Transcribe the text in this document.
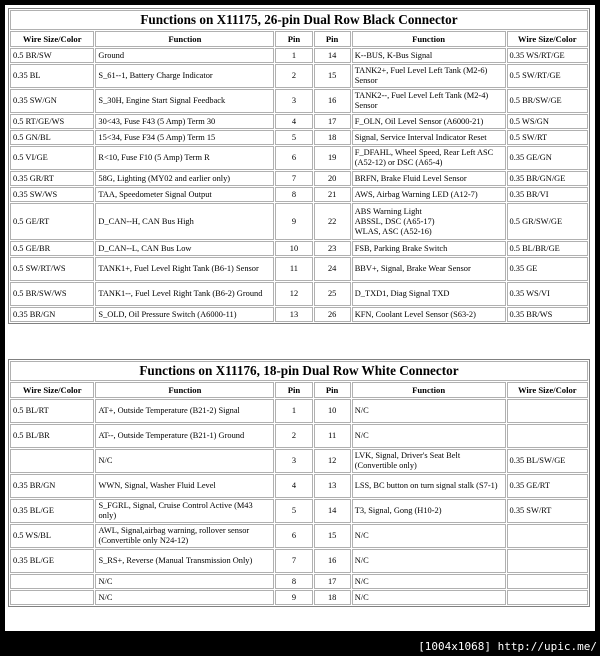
Functions on X11175, 26-pin Dual Row Black Connector					
Wire Size/Color	Function	Pin	Pin	Function	Wire Size/Color
0.5 BR/SW	Ground	1	14	K--BUS, K-Bus Signal	0.35 WS/RT/GE
0.35 BL	S_61--1, Battery Charge Indicator	2	15	TANK2+, Fuel Level Left Tank (M2-6) Sensor	0.5 SW/RT/GE
0.35 SW/GN	S_30H, Engine Start Signal Feedback	3	16	TANK2--, Fuel Level Left Tank (M2-4) Sensor	0.5 BR/SW/GE
0.5 RT/GE/WS	30<43, Fuse F43 (5 Amp) Term 30	4	17	F_OLN, Oil Level Sensor (A6000-21)	0.5 WS/GN
0.5 GN/BL	15<34, Fuse F34 (5 Amp) Term 15	5	18	Signal, Service Interval Indicator Reset	0.5 SW/RT
0.5 VI/GE	R<10, Fuse F10 (5 Amp) Term R	6	19	F_DFAHL, Wheel Speed, Rear Left ASC (A52-12) or DSC (A65-4)	0.35 GE/GN
0.35 GR/RT	58G, Lighting (MY02 and earlier only)	7	20	BRFN, Brake Fluid Level Sensor	0.35 BR/GN/GE
0.35 SW/WS	TAA, Speedometer Signal Output	8	21	AWS, Airbag Warning LED (A12-7)	0.35 BR/VI
0.5 GE/RT	D_CAN--H, CAN Bus High	9	22	ABS Warning Light
ABSSL, DSC (A65-17)
WLAS, ASC (A52-16)	0.5 GR/SW/GE
0.5 GE/BR	D_CAN--L, CAN Bus Low	10	23	FSB, Parking Brake Switch	0.5 BL/BR/GE
0.5 SW/RT/WS	TANK1+, Fuel Level Right Tank (B6-1) Sensor	11	24	BBV+, Signal, Brake Wear Sensor	0.35 GE
0.5 BR/SW/WS	TANK1--, Fuel Level Right Tank (B6-2) Ground	12	25	D_TXD1, Diag Signal TXD	0.35 WS/VI
0.35 BR/GN	S_OLD, Oil Pressure Switch (A6000-11)	13	26	KFN, Coolant Level Sensor (S63-2)	0.35 BR/WS
Functions on X11176, 18-pin Dual Row White Connector					
Wire Size/Color	Function	Pin	Pin	Function	Wire Size/Color
0.5 BL/RT	AT+, Outside Temperature (B21-2) Signal	1	10	N/C	
0.5 BL/BR	AT--, Outside Temperature (B21-1) Ground	2	11	N/C	
	N/C	3	12	LVK, Signal, Driver's Seat Belt (Convertible only)	0.35 BL/SW/GE
0.35 BR/GN	WWN, Signal, Washer Fluid Level	4	13	LSS, BC button on turn signal stalk (S7-1)	0.35 GE/RT
0.35 BL/GE	S_FGRL, Signal, Cruise Control Active (M43 only)	5	14	T3, Signal, Gong (H10-2)	0.35 SW/RT
0.5 WS/BL	AWL, Signal,airbag warning, rollover sensor (Convertible only N24-12)	6	15	N/C	
0.35 BL/GE	S_RS+, Reverse (Manual Transmission Only)	7	16	N/C	
	N/C	8	17	N/C	
	N/C	9	18	N/C	
[1004x1068] http://upic.me/
